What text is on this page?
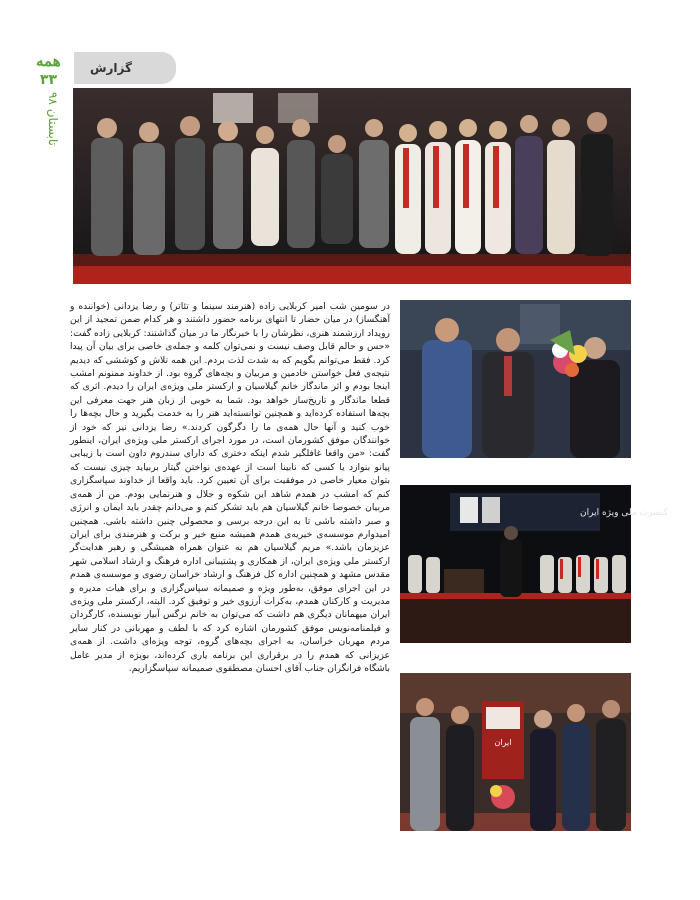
همه
۳۳
تابستان ۹۸
گزارش
کنسرت ملی ویژه ایران
ایران

در سومین شب امیر کربلایی زاده (هنرمند سینما و تئاتر) و رضا یزدانی (خواننده و آهنگساز) در میان حضار تا انتهای برنامه حضور داشتند و هر کدام ضمن تمجید از این رویداد ارزشمند هنری، نظرشان را با خبرنگار ما در میان گذاشتند: کربلایی زاده گفت: «حس و حالم قابل وصف نیست و نمی‌توان کلمه و جمله‌ی خاصی برای بیان آن پیدا کرد. فقط می‌توانم بگویم که به شدت لذت بردم. این همه تلاش و کوششی که دیدیم نتیجه‌ی فعل خواستن خادمین و مربیان و بچه‌های گروه بود. از خداوند ممنونم امشب اینجا بودم و اثر ماندگار خانم گیلاسیان و ارکستر ملی ویژه‌ی ایران را دیدم. اثری که قطعا ماندگار و تاریخ‌ساز خواهد بود. شما به خوبی از زبان هنر جهت معرفی این بچه‌ها استفاده کرده‌اید و همچنین توانسته‌اید هنر را به خدمت بگیرید و حال بچه‌ها را خوب کنید و آنها حال همه‌ی ما را دگرگون کردند.» رضا یزدانی نیز که خود از خوانندگان موفق کشورمان است، در مورد اجرای ارکستر ملی ویژه‌ی ایران، اینطور گفت: «من واقعا غافلگیر شدم اینکه دختری که دارای سندروم داون است با زیبایی پیانو بنوازد یا کسی که نابینا است از عهده‌ی نواختن گیتار بربیاید چیزی نیست که بتوان معیار خاصی در موفقیت برای آن تعیین کرد. باید واقعا از خداوند سپاسگزاری کنم که امشب در همدم شاهد این شکوه و جلال و هنرنمایی بودم. من از همه‌ی مربیان خصوصا خانم گیلاسیان هم باید تشکر کنم و می‌دانم چقدر باید ایمان و انرژی و صبر داشته باشی تا به این درجه برسی و محصولی چنین داشته باشی. همچنین امیدوارم موسسه‌ی خیریه‌ی همدم همیشه منبع خیر و برکت و هنرمندی برای ایران عزیزمان باشد.» مریم گیلاسیان هم به عنوان همراه همیشگی و رهبر هدایت‌گر ارکستر ملی ویژه‌ی ایران، از همکاری و پشتیبانی اداره فرهنگ و ارشاد اسلامی شهر مقدس مشهد و همچنین اداره کل فرهنگ و ارشاد خراسان رضوی و موسسه‌ی همدم در این اجرای موفق، به‌طور ویژه و صمیمانه سپاس‌گزاری و برای هیات مدیره و مدیریت و کارکنان همدم، به‌کرات آرزوی خیر و توفیق کرد. البته، ارکستر ملی ویژه‌ی ایران میهمانان دیگری هم داشت که می‌توان به خانم نرگس آبیار نویسنده، کارگردان و فیلمنامه‌نویس موفق کشورمان اشاره کرد که با لطف و مهربانی در کنار سایر مردم مهربان خراسان، به اجرای بچه‌های گروه، توجه ویژه‌ای داشت. از همه‌ی عزیزانی که همدم را در برقراری این برنامه یاری کرده‌اند، بویژه از مدیر عامل باشگاه فرانگران جناب آقای احسان مصطفوی صمیمانه سپاسگزاریم.
